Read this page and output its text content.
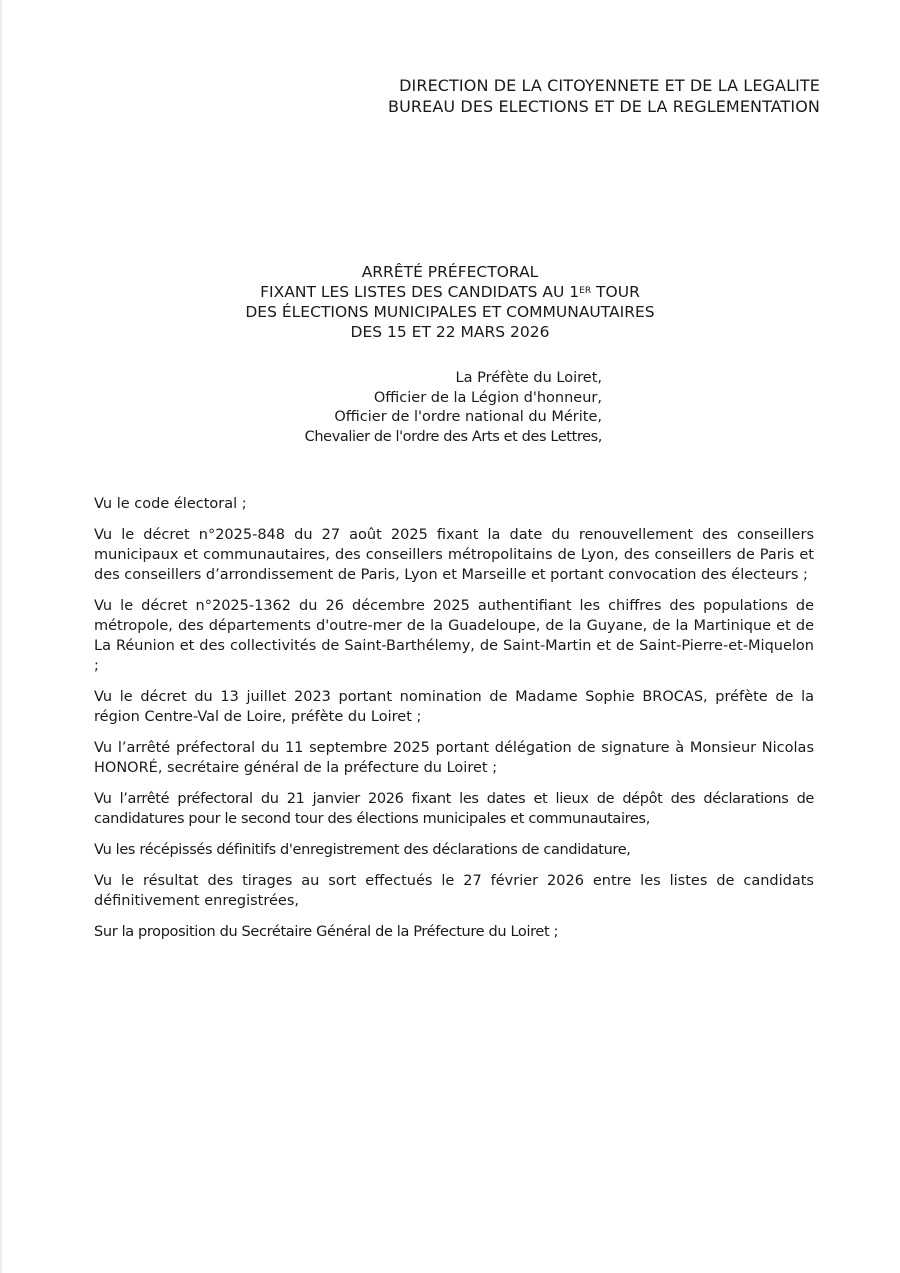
DIRECTION DE LA CITOYENNETE ET DE LA LEGALITE
BUREAU DES ELECTIONS ET DE LA REGLEMENTATION
ARRÊTÉ PRÉFECTORAL
FIXANT LES LISTES DES CANDIDATS AU 1ER TOUR
DES ÉLECTIONS MUNICIPALES ET COMMUNAUTAIRES
DES 15 ET 22 MARS 2026
La Préfète du Loiret,
Officier de la Légion d'honneur,
Officier de l'ordre national du Mérite,
Chevalier de l'ordre des Arts et des Lettres,

Vu le code électoral ;

Vu le décret n°2025-848 du 27 août 2025 fixant la date du renouvellement des conseillers municipaux et communautaires, des conseillers métropolitains de Lyon, des conseillers de Paris et des conseillers d’arrondissement de Paris, Lyon et Marseille et portant convocation des électeurs ;

Vu le décret n°2025-1362 du 26 décembre 2025 authentifiant les chiffres des populations de métropole, des départements d'outre-mer de la Guadeloupe, de la Guyane, de la Martinique et de La Réunion et des collectivités de Saint-Barthélemy, de Saint-Martin et de Saint-Pierre-et-Miquelon ;

Vu le décret du 13 juillet 2023 portant nomination de Madame Sophie BROCAS, préfète de la région Centre-Val de Loire, préfète du Loiret ;

Vu l’arrêté préfectoral du 11 septembre 2025 portant délégation de signature à Monsieur Nicolas HONORÉ, secrétaire général de la préfecture du Loiret ;

Vu l’arrêté préfectoral du 21 janvier 2026 fixant les dates et lieux de dépôt des déclarations de candidatures pour le second tour des élections municipales et communautaires,

Vu les récépissés définitifs d'enregistrement des déclarations de candidature,

Vu le résultat des tirages au sort effectués le 27 février 2026 entre les listes de candidats définitivement enregistrées,

Sur la proposition du Secrétaire Général de la Préfecture du Loiret ;
